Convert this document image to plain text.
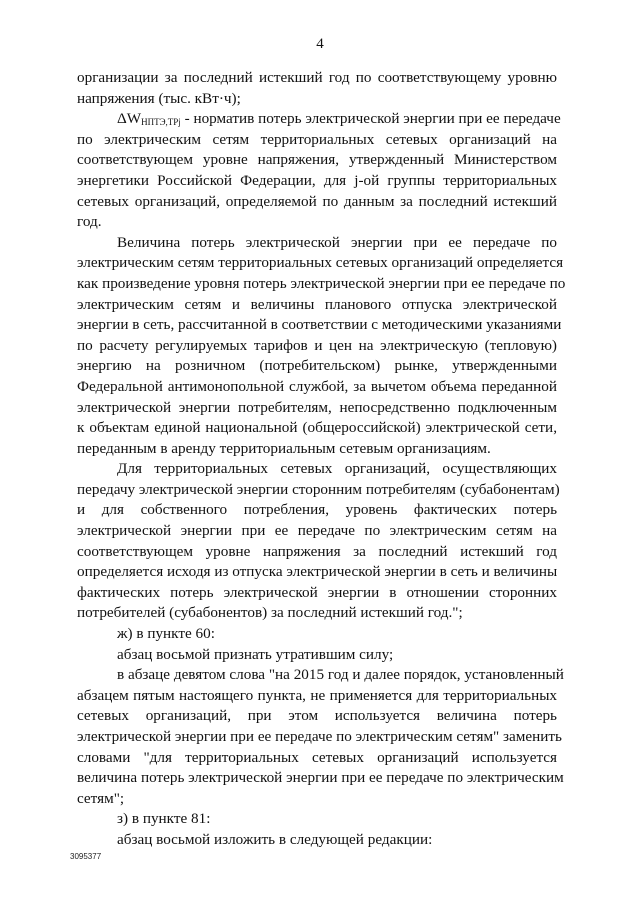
4
организации за последний истекший год по соответствующему уровню
напряжения (тыс. кВт·ч);
$\Delta W_{НПТЭ,ТРj}$ - норматив потерь электрической энергии при ее передаче
по электрическим сетям территориальных сетевых организаций на
соответствующем уровне напряжения, утвержденный Министерством
энергетики Российской Федерации, для j-ой группы территориальных
сетевых организаций, определяемой по данным за последний истекший
год.
Величина потерь электрической энергии при ее передаче по
электрическим сетям территориальных сетевых организаций определяется
как произведение уровня потерь электрической энергии при ее передаче по
электрическим сетям и величины планового отпуска электрической
энергии в сеть, рассчитанной в соответствии с методическими указаниями
по расчету регулируемых тарифов и цен на электрическую (тепловую)
энергию на розничном (потребительском) рынке, утвержденными
Федеральной антимонопольной службой, за вычетом объема переданной
электрической энергии потребителям, непосредственно подключенным
к объектам единой национальной (общероссийской) электрической сети,
переданным в аренду территориальным сетевым организациям.
Для территориальных сетевых организаций, осуществляющих
передачу электрической энергии сторонним потребителям (субабонентам)
и для собственного потребления, уровень фактических потерь
электрической энергии при ее передаче по электрическим сетям на
соответствующем уровне напряжения за последний истекший год
определяется исходя из отпуска электрической энергии в сеть и величины
фактических потерь электрической энергии в отношении сторонних
потребителей (субабонентов) за последний истекший год.";
ж) в пункте 60:
абзац восьмой признать утратившим силу;
в абзаце девятом слова "на 2015 год и далее порядок, установленный
абзацем пятым настоящего пункта, не применяется для территориальных
сетевых организаций, при этом используется величина потерь
электрической энергии при ее передаче по электрическим сетям" заменить
словами "для территориальных сетевых организаций используется
величина потерь электрической энергии при ее передаче по электрическим
сетям";
з) в пункте 81:
абзац восьмой изложить в следующей редакции:
3095377
